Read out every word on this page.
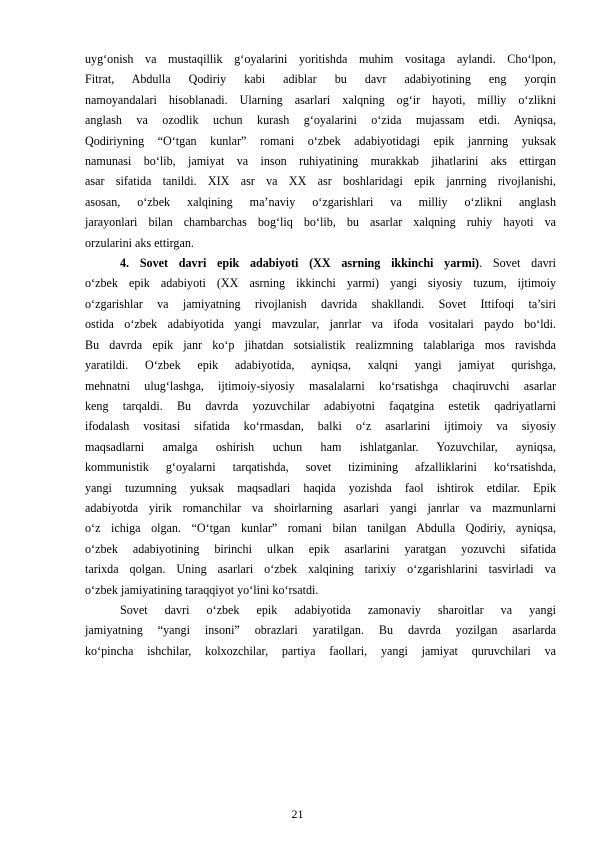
uyg‘onish va mustaqillik g‘oyalarini yoritishda muhim vositaga aylandi. Cho‘lpon,
Fitrat, Abdulla Qodiriy kabi adiblar bu davr adabiyotining eng yorqin
namoyandalari hisoblanadi. Ularning asarlari xalqning og‘ir hayoti, milliy o‘zlikni
anglash va ozodlik uchun kurash g‘oyalarini o‘zida mujassam etdi. Ayniqsa,
Qodiriyning “O‘tgan kunlar” romani o‘zbek adabiyotidagi epik janrning yuksak
namunasi bo‘lib, jamiyat va inson ruhiyatining murakkab jihatlarini aks ettirgan
asar sifatida tanildi. XIX asr va XX asr boshlaridagi epik janrning rivojlanishi,
asosan, o‘zbek xalqining ma’naviy o‘zgarishlari va milliy o‘zlikni anglash
jarayonlari bilan chambarchas bog‘liq bo‘lib, bu asarlar xalqning ruhiy hayoti va
orzularini aks ettirgan.

4. Sovet davri epik adabiyoti (XX asrning ikkinchi yarmi). Sovet davri
o‘zbek epik adabiyoti (XX asrning ikkinchi yarmi) yangi siyosiy tuzum, ijtimoiy
o‘zgarishlar va jamiyatning rivojlanish davrida shakllandi. Sovet Ittifoqi ta’siri
ostida o‘zbek adabiyotida yangi mavzular, janrlar va ifoda vositalari paydo bo‘ldi.
Bu davrda epik janr ko‘p jihatdan sotsialistik realizmning talablariga mos ravishda
yaratildi. O‘zbek epik adabiyotida, ayniqsa, xalqni yangi jamiyat qurishga,
mehnatni ulug‘lashga, ijtimoiy-siyosiy masalalarni ko‘rsatishga chaqiruvchi asarlar
keng tarqaldi. Bu davrda yozuvchilar adabiyotni faqatgina estetik qadriyatlarni
ifodalash vositasi sifatida ko‘rmasdan, balki o‘z asarlarini ijtimoiy va siyosiy
maqsadlarni amalga oshirish uchun ham ishlatganlar. Yozuvchilar, ayniqsa,
kommunistik g‘oyalarni tarqatishda, sovet tizimining afzalliklarini ko‘rsatishda,
yangi tuzumning yuksak maqsadlari haqida yozishda faol ishtirok etdilar. Epik
adabiyotda yirik romanchilar va shoirlarning asarlari yangi janrlar va mazmunlarni
o‘z ichiga olgan. “O‘tgan kunlar” romani bilan tanilgan Abdulla Qodiriy, ayniqsa,
o‘zbek adabiyotining birinchi ulkan epik asarlarini yaratgan yozuvchi sifatida
tarixda qolgan. Uning asarlari o‘zbek xalqining tarixiy o‘zgarishlarini tasvirladi va
o‘zbek jamiyatining taraqqiyot yo‘lini ko‘rsatdi.

Sovet davri o‘zbek epik adabiyotida zamonaviy sharoitlar va yangi
jamiyatning “yangi insoni” obrazlari yaratilgan. Bu davrda yozilgan asarlarda
ko‘pincha ishchilar, kolxozchilar, partiya faollari, yangi jamiyat quruvchilari va

21
